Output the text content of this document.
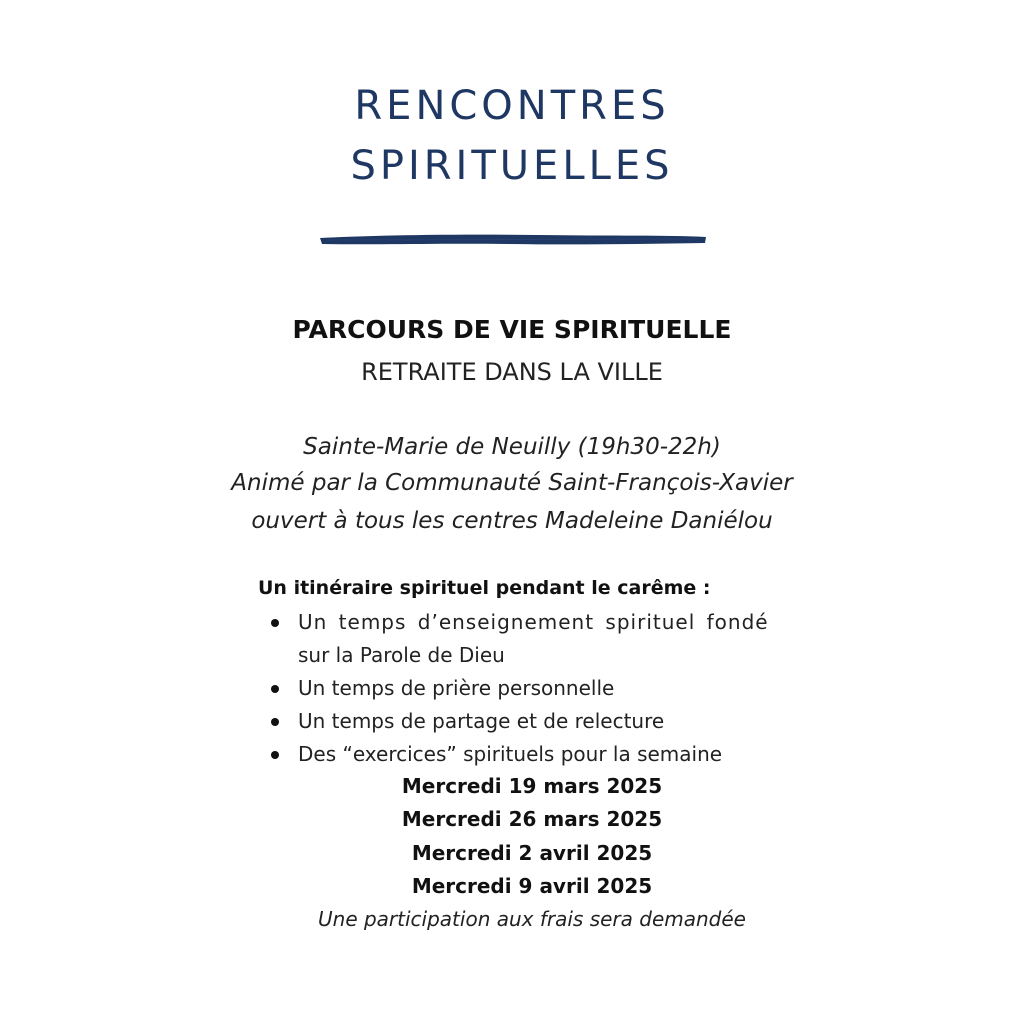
RENCONTRES
SPIRITUELLES
PARCOURS DE VIE SPIRITUELLE
RETRAITE DANS LA VILLE
Sainte-Marie de Neuilly (19h30-22h)
Animé par la Communauté Saint-François-Xavier
ouvert à tous les centres Madeleine Daniélou
Un itinéraire spirituel pendant le carême :
Un temps d’enseignement spirituel fondé
sur la Parole de Dieu
Un temps de prière personnelle
Un temps de partage et de relecture
Des “exercices” spirituels pour la semaine
Mercredi 19 mars 2025
Mercredi 26 mars 2025
Mercredi 2 avril 2025
Mercredi 9 avril 2025
Une participation aux frais sera demandée
